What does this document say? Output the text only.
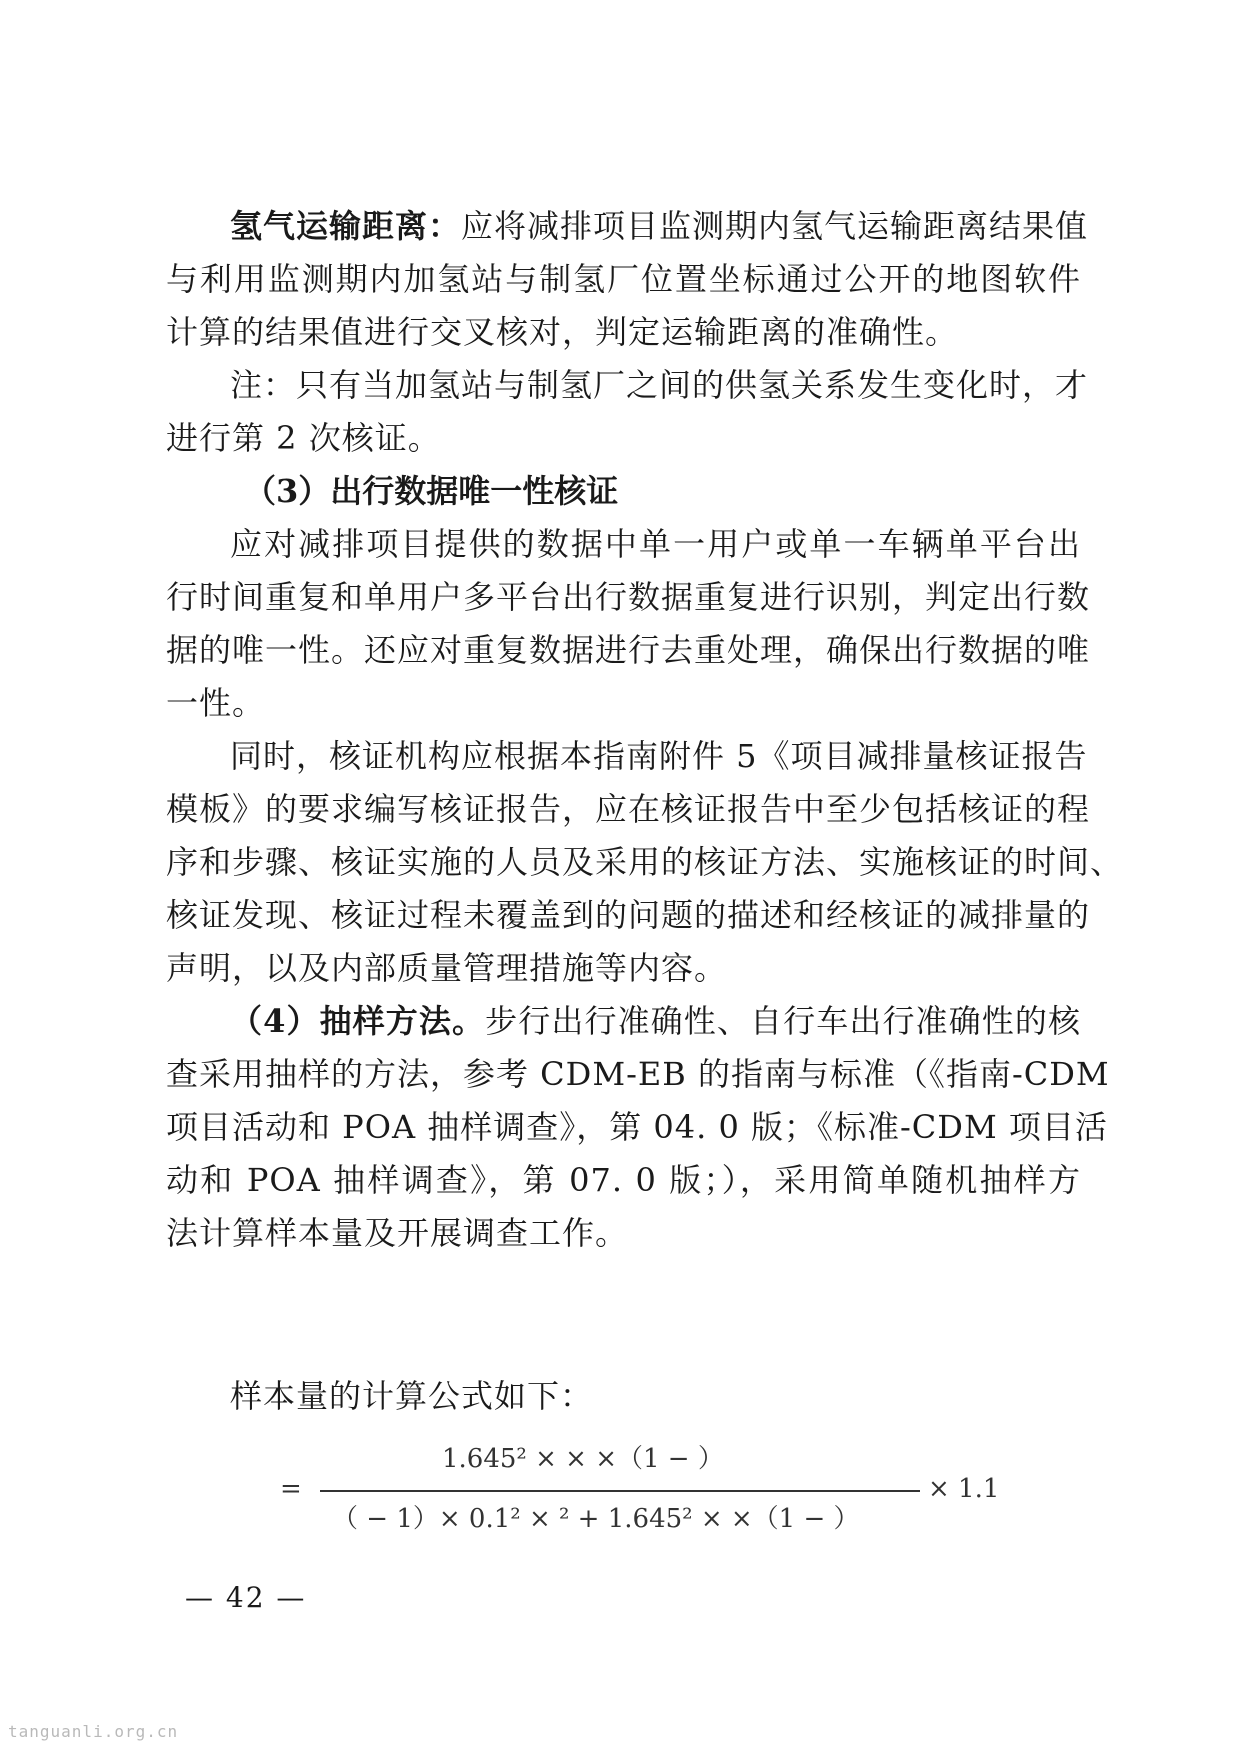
氢气运输距离：应将减排项目监测期内氢气运输距离结果值
与利用监测期内加氢站与制氢厂位置坐标通过公开的地图软件
计算的结果值进行交叉核对，判定运输距离的准确性。
注：只有当加氢站与制氢厂之间的供氢关系发生变化时，才
进行第 2 次核证。
（3）出行数据唯一性核证
应对减排项目提供的数据中单一用户或单一车辆单平台出
行时间重复和单用户多平台出行数据重复进行识别，判定出行数
据的唯一性。还应对重复数据进行去重处理，确保出行数据的唯
一性。
同时，核证机构应根据本指南附件 5《项目减排量核证报告
模板》的要求编写核证报告，应在核证报告中至少包括核证的程
序和步骤、核证实施的人员及采用的核证方法、实施核证的时间、
核证发现、核证过程未覆盖到的问题的描述和经核证的减排量的
声明，以及内部质量管理措施等内容。
（4）抽样方法。步行出行准确性、自行车出行准确性的核
查采用抽样的方法，参考 CDM-EB 的指南与标准（《指南-CDM
项目活动和 POA 抽样调查》，第 04. 0 版；《标准-CDM 项目活
动和 POA 抽样调查》，第 07. 0 版；），采用简单随机抽样方
法计算样本量及开展调查工作。
样本量的计算公式如下：
=
1.645² × × ×（1 − ）
（ − 1）× 0.1² × ² + 1.645² × ×（1 − ）
× 1.1
— 42 —
tanguanli.org.cn
